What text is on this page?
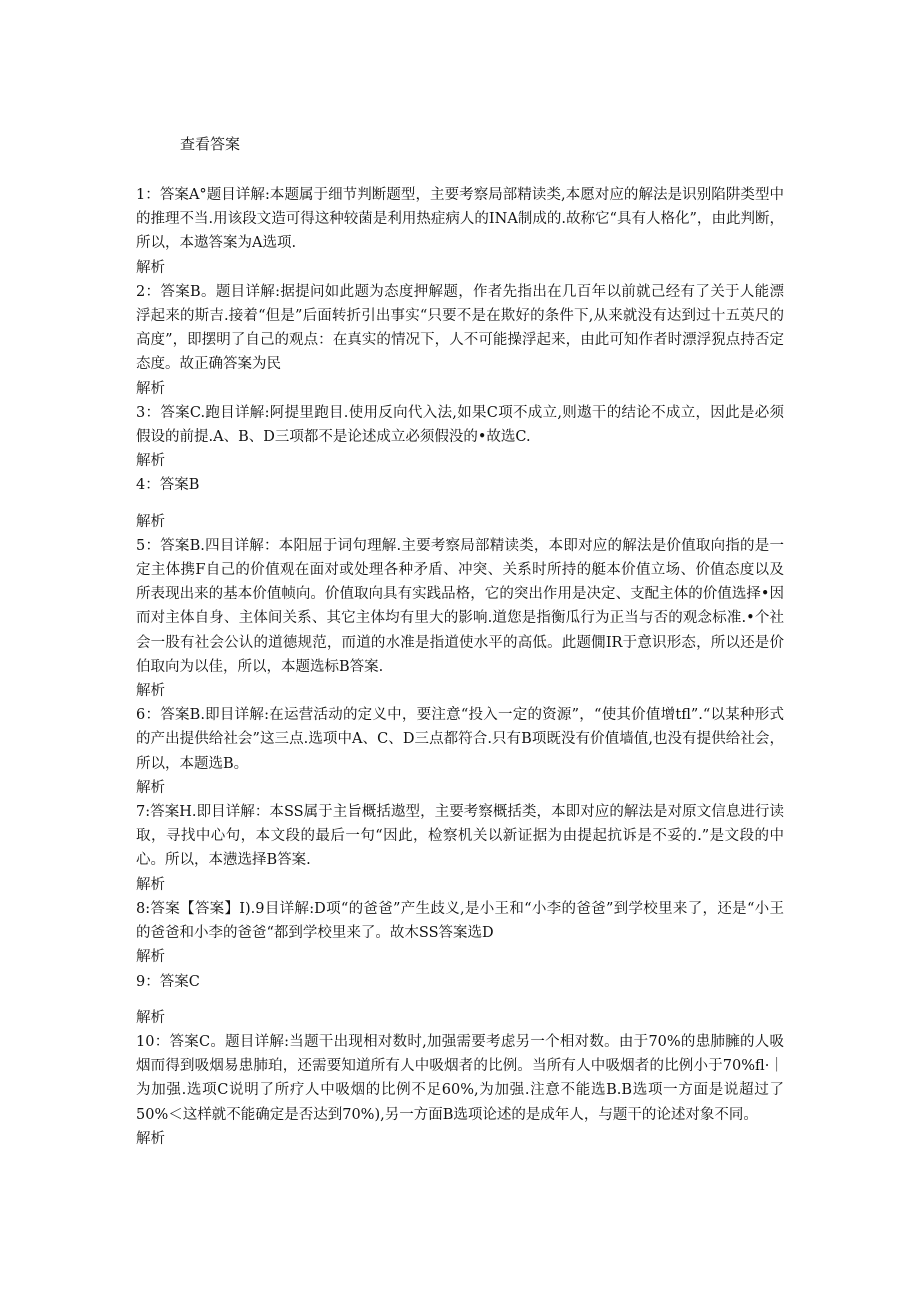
查看答案

1：答案A°题目详解:本题属于细节判断题型，主要考察局部精读类,本愿对应的解法是识别陷阱类型中的推理不当.用该段文造可得这种较菌是利用热症病人的INA制成的.故称它“具有人格化”，由此判断，所以，本遨答案为A选项.

解析

2：答案B。题目详解:据提问如此题为态度押解题，作者先指出在几百年以前就己经有了关于人能漂浮起来的斯吉.接着“但是”后面转折引出事实“只要不是在欺好的条件下,从来就没有达到过十五英尺的高度”，即摆明了自己的观点：在真实的情况下，人不可能操浮起来，由此可知作者时漂浮猊点持否定态度。故正确答案为民

解析

3：答案C.跑目详解:阿提里跑目.使用反向代入法,如果C项不成立,则遨干的结论不成立，因此是必须假设的前提.A、B、D三项都不是论述成立必须假没的•故选C.

解析

4：答案B

解析

5：答案B.四目详解：本阳屈于词句理解.主要考察局部精读类，本即对应的解法是价值取向指的是一定主体携F自己的价值观在面对或处理各种矛盾、冲突、关系时所持的艇本价值立场、价值态度以及所表现出来的基本价值帧向。价值取向具有实践品格，它的突出作用是决定、支配主体的价值选择•因而对主体自身、主体间关系、其它主体均有里大的影响.道您是指衡瓜行为正当与否的观念标准.•个社会一股有社会公认的道德规范，而道的水准是指道使水平的高低。此题僩IR于意识形态，所以还是价伯取向为以佳，所以，本题选标B答案.

解析

6：答案B.即目详解:在运营活动的定义中，要注意“投入一定的资源”，“使其价值增tfl”.“以某种形式的产出提供给社会”这三点.选项中A、C、D三点都符合.只有B项既没有价值墙值,也没有提供给社会，所以，本题选B。

解析

7:答案H.即目详解：本SS属于主旨概括遨型，主要考察概括类，本即对应的解法是对原文信息进行读取，寻找中心句，本文段的最后一句“因此，检察机关以新证据为由提起抗诉是不妥的.”是文段的中心。所以，本懑选择B答案.

解析

8:答案【答案】I).9目详解:D项“的爸爸”产生歧义,是小王和“小李的爸爸”到学校里来了，还是“小王的爸爸和小李的爸爸“都到学校里来了。故木SS答案选D

解析

9：答案C

解析

10：答案C。题目详解:当题干出现相对数时,加强需要考虑另一个相对数。由于70%的患肺臃的人吸烟而得到吸烟易患肺珀，还需要知道所有人中吸烟者的比例。当所有人中吸烟者的比例小于70%fl·｜为加强.选项C说明了所疗人中吸烟的比例不足60%,为加强.注意不能选B.B选项一方面是说超过了50%＜这样就不能确定是否达到70%),另一方面B选项论述的是成年人，与题干的论述对象不同。

解析
